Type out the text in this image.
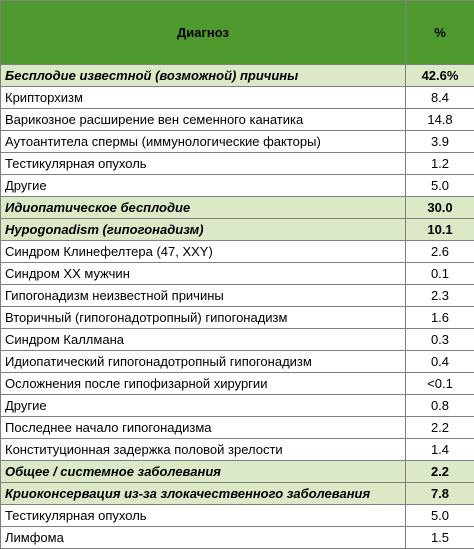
Диагноз	%
Бесплодие известной (возможной) причины	42.6%
Крипторхизм	8.4
Варикозное расширение вен семенного канатика	14.8
Аутоантитела спермы (иммунологические факторы)	3.9
Тестикулярная опухоль	1.2
Другие	5.0
Идиопатическое бесплодие	30.0
Hypogonadism (гипогонадизм)	10.1
Синдром Клинефелтера (47, XXY)	2.6
Синдром XX мужчин	0.1
Гипогонадизм неизвестной причины	2.3
Вторичный (гипогонадотропный) гипогонадизм	1.6
Синдром Каллмана	0.3
Идиопатический гипогонадотропный гипогонадизм	0.4
Осложнения после гипофизарной хирургии	<0.1
Другие	0.8
Последнее начало гипогонадизма	2.2
Конституционная задержка половой зрелости	1.4
Общее / системное заболевания	2.2
Криоконсервация из-за злокачественного заболевания	7.8
Тестикулярная опухоль	5.0
Лимфома	1.5
